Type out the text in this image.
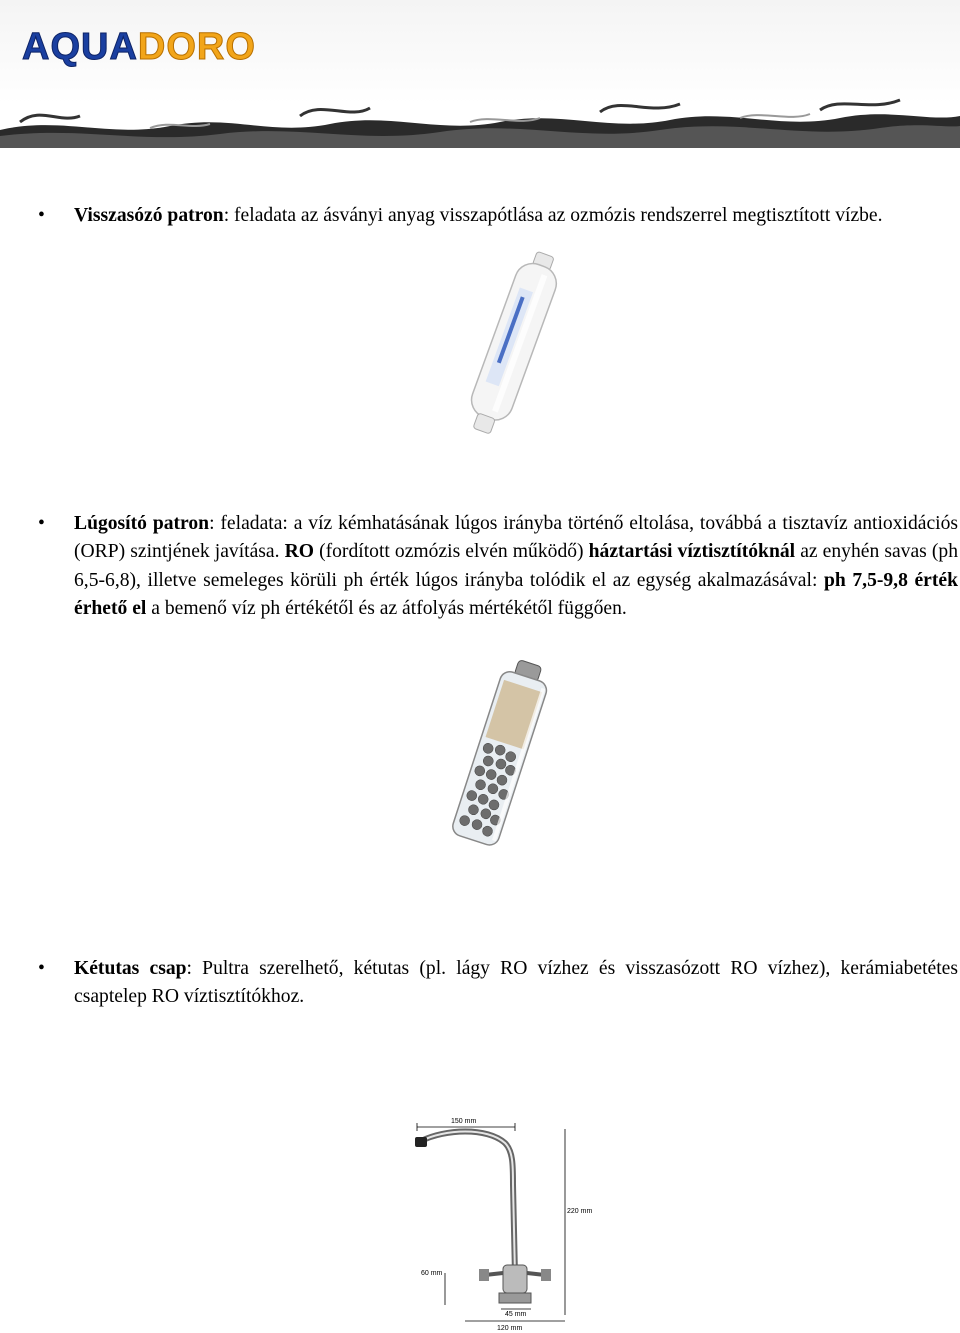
AQUADORO
• Visszasózó patron: feladata az ásványi anyag visszapótlása az ozmózis rendszerrel megtisztított vízbe.
• Lúgosító patron: feladata: a víz kémhatásának lúgos irányba történő eltolása, továbbá a tisztavíz antioxidációs (ORP) szintjének javítása. RO (fordított ozmózis elvén működő) háztartási víztisztítóknál az enyhén savas (ph 6,5-6,8), illetve semeleges körüli ph érték lúgos irányba tolódik el az egység akalmazásával: ph 7,5-9,8 érték érhető el a bemenő víz ph értékétől és az átfolyás mértékétől függően.
• Kétutas csap: Pultra szerelhető, kétutas (pl. lágy RO vízhez és visszasózott RO vízhez), kerámiabetétes csaptelep RO víztisztítókhoz.
150 mm
220 mm
60 mm
45 mm
120 mm
